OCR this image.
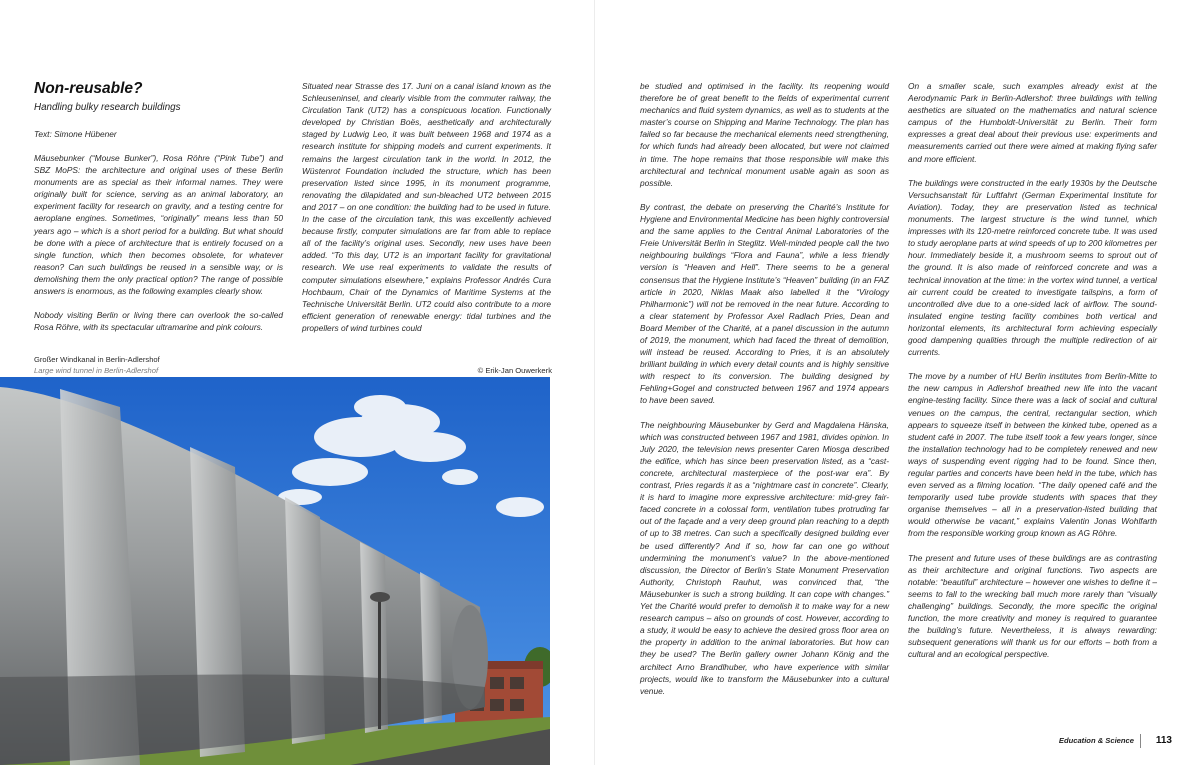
Non-reusable?
Handling bulky research buildings
Text: Simone Hübener

Mäusebunker (“Mouse Bunker”), Rosa Röhre (“Pink Tube”) and SBZ MoPS: the architecture and original uses of these Berlin monuments are as special as their informal names. They were originally built for science, serving as an animal laboratory, an experiment facility for research on gravity, and a testing centre for aeroplane engines. Sometimes, “originally” means less than 50 years ago – which is a short period for a building. But what should be done with a piece of architecture that is entirely focused on a single function, which then becomes obsolete, for whatever reason? Can such buildings be reused in a sensible way, or is demolishing them the only practical option? The range of possible answers is enormous, as the following examples clearly show.

Nobody visiting Berlin or living there can overlook the so-called Rosa Röhre, with its spectacular ultramarine and pink colours.

Situated near Strasse des 17. Juni on a canal island known as the Schleuseninsel, and clearly visible from the commuter railway, the Circulation Tank (UT2) has a conspicuous location. Functionally developed by Christian Boës, aesthetically and architecturally staged by Ludwig Leo, it was built between 1968 and 1974 as a research institute for shipping models and current experiments. It remains the largest circulation tank in the world. In 2012, the Wüstenrot Foundation included the structure, which has been preservation listed since 1995, in its monument programme, renovating the dilapidated and sun-bleached UT2 between 2015 and 2017 – on one condition: the building had to be used in future. In the case of the circulation tank, this was excellently achieved because firstly, computer simulations are far from able to replace all of the facility’s original uses. Secondly, new uses have been added. “To this day, UT2 is an important facility for gravitational research. We use real experiments to validate the results of computer simulations elsewhere,” explains Professor Andrés Cura Hochbaum, Chair of the Dynamics of Maritime Systems at the Technische Universität Berlin. UT2 could also contribute to a more efficient generation of renewable energy: tidal turbines and the propellers of wind turbines could

Großer Windkanal in Berlin-Adlershof
Large wind tunnel in Berlin-Adlershof	© Erik-Jan Ouwerkerk

be studied and optimised in the facility. Its reopening would therefore be of great benefit to the fields of experimental current mechanics and fluid system dynamics, as well as to students at the master’s course on Shipping and Marine Technology. The plan has failed so far because the mechanical elements need strengthening, for which funds had already been allocated, but were not claimed in time. The hope remains that those responsible will make this architectural and technical monument usable again as soon as possible.

By contrast, the debate on preserving the Charité’s Institute for Hygiene and Environmental Medicine has been highly controversial and the same applies to the Central Animal Laboratories of the Freie Universität Berlin in Steglitz. Well-minded people call the two neighbouring buildings “Flora and Fauna”, while a less friendly version is “Heaven and Hell”. There seems to be a general consensus that the Hygiene Institute’s “Heaven” building (in an FAZ article in 2020, Niklas Maak also labelled it the “Virology Philharmonic”) will not be removed in the near future. According to a clear statement by Professor Axel Radlach Pries, Dean and Board Member of the Charité, at a panel discussion in the autumn of 2019, the monument, which had faced the threat of demolition, will instead be reused. According to Pries, it is an absolutely brilliant building in which every detail counts and is highly sensitive with respect to its conversion. The building designed by Fehling+Gogel and constructed between 1967 and 1974 appears to have been saved.

The neighbouring Mäusebunker by Gerd and Magdalena Hänska, which was constructed between 1967 and 1981, divides opinion. In July 2020, the television news presenter Caren Miosga described the edifice, which has since been preservation listed, as a “cast-concrete, architectural masterpiece of the post-war era”. By contrast, Pries regards it as a “nightmare cast in concrete”. Clearly, it is hard to imagine more expressive architecture: mid-grey fair-faced concrete in a colossal form, ventilation tubes protruding far out of the façade and a very deep ground plan reaching to a depth of up to 38 metres. Can such a specifically designed building ever be used differently? And if so, how far can one go without undermining the monument’s value? In the above-mentioned discussion, the Director of Berlin’s State Monument Preservation Authority, Christoph Rauhut, was convinced that, “the Mäusebunker is such a strong building. It can cope with changes.” Yet the Charité would prefer to demolish it to make way for a new research campus – also on grounds of cost. However, according to a study, it would be easy to achieve the desired gross floor area on the property in addition to the animal laboratories. But how can they be used? The Berlin gallery owner Johann König and the architect Arno Brandlhuber, who have experience with similar projects, would like to transform the Mäusebunker into a cultural venue.

On a smaller scale, such examples already exist at the Aerodynamic Park in Berlin-Adlershof: three buildings with telling aesthetics are situated on the mathematics and natural science campus of the Humboldt-Universität zu Berlin. Their form expresses a great deal about their previous use: experiments and measurements carried out there were aimed at making flying safer and more efficient.

The buildings were constructed in the early 1930s by the Deutsche Versuchsanstalt für Luftfahrt (German Experimental Institute for Aviation). Today, they are preservation listed as technical monuments. The largest structure is the wind tunnel, which impresses with its 120-metre reinforced concrete tube. It was used to study aeroplane parts at wind speeds of up to 200 kilometres per hour. Immediately beside it, a mushroom seems to sprout out of the ground. It is also made of reinforced concrete and was a technical innovation at the time: in the vortex wind tunnel, a vertical air current could be created to investigate tailspins, a form of uncontrolled dive due to a one-sided lack of airflow. The sound-insulated engine testing facility combines both vertical and horizontal elements, its architectural form achieving especially good dampening qualities through the multiple redirection of air currents.

The move by a number of HU Berlin institutes from Berlin-Mitte to the new campus in Adlershof breathed new life into the vacant engine-testing facility. Since there was a lack of social and cultural venues on the campus, the central, rectangular section, which appears to squeeze itself in between the kinked tube, opened as a student café in 2007. The tube itself took a few years longer, since the installation technology had to be completely renewed and new ways of suspending event rigging had to be found. Since then, regular parties and concerts have been held in the tube, which has even served as a filming location. “The daily opened café and the temporarily used tube provide students with spaces that they organise themselves – all in a preservation-listed building that would otherwise be vacant,” explains Valentin Jonas Wohlfarth from the responsible working group known as AG Röhre.

The present and future uses of these buildings are as contrasting as their architecture and original functions. Two aspects are notable: “beautiful” architecture – however one wishes to define it – seems to fall to the wrecking ball much more rarely than “visually challenging” buildings. Secondly, the more specific the original function, the more creativity and money is required to guarantee the building’s future. Nevertheless, it is always rewarding: subsequent generations will thank us for our efforts – both from a cultural and an ecological perspective.

Education & Science 113
